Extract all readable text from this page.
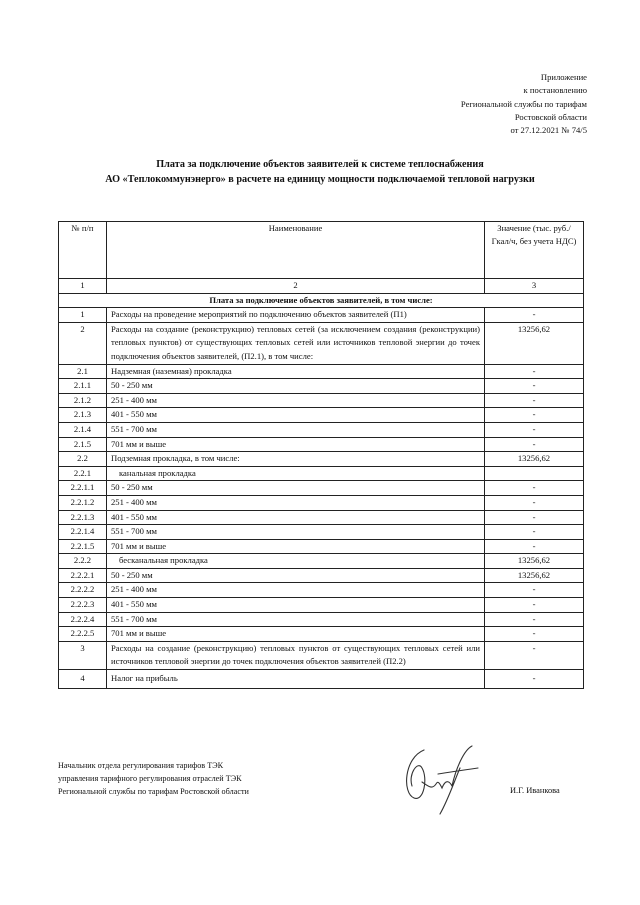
Приложение
к постановлению
Региональной службы по тарифам
Ростовской области
от 27.12.2021 № 74/5
Плата за подключение объектов заявителей к системе теплоснабжения
АО «Теплокоммунэнерго» в расчете на единицу мощности подключаемой тепловой нагрузки
№ п/п	Наименование	Значение (тыс. руб./Гкал/ч, без учета НДС)
1	2	3
Плата за подключение объектов заявителей, в том числе:		
1	Расходы на проведение мероприятий по подключению объектов заявителей (П1)	-
2	Расходы на создание (реконструкцию) тепловых сетей (за исключением создания (реконструкции) тепловых пунктов) от существующих тепловых сетей или источников тепловой энергии до точек подключения объектов заявителей, (П2.1), в том числе:	13256,62
2.1	Надземная (наземная) прокладка	-
2.1.1	50 - 250 мм	-
2.1.2	251 - 400 мм	-
2.1.3	401 - 550 мм	-
2.1.4	551 - 700 мм	-
2.1.5	701 мм и выше	-
2.2	Подземная прокладка, в том числе:	13256,62
2.2.1	канальная прокладка	
2.2.1.1	50 - 250 мм	-
2.2.1.2	251 - 400 мм	-
2.2.1.3	401 - 550 мм	-
2.2.1.4	551 - 700 мм	-
2.2.1.5	701 мм и выше	-
2.2.2	бесканальная прокладка	13256,62
2.2.2.1	50 - 250 мм	13256,62
2.2.2.2	251 - 400 мм	-
2.2.2.3	401 - 550 мм	-
2.2.2.4	551 - 700 мм	-
2.2.2.5	701 мм и выше	-
3	Расходы на создание (реконструкцию) тепловых пунктов от существующих тепловых сетей или источников тепловой энергии до точек подключения объектов заявителей (П2.2)	-
4	Налог на прибыль	-
Начальник отдела регулирования тарифов ТЭК
управления тарифного регулирования отраслей ТЭК
Региональной службы по тарифам Ростовской области	И.Г. Иванкова
